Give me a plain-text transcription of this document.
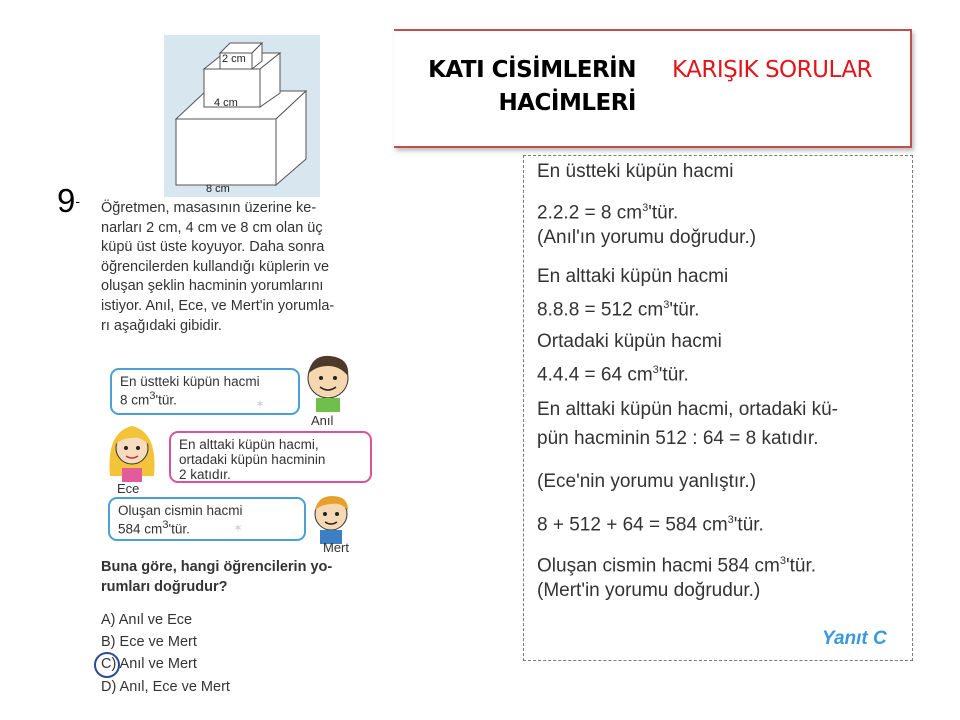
KATI CİSİMLERİN
HACİMLERİ
KARIŞIK SORULAR
2 cm
4 cm
8 cm
9- Öğretmen, masasının üzerine ke-
narları 2 cm, 4 cm ve 8 cm olan üç
küpü üst üste koyuyor. Daha sonra
öğrencilerden kullandığı küplerin ve
oluşan şeklin hacminin yorumlarını
istiyor. Anıl, Ece, ve Mert'in yorumla-
rı aşağıdaki gibidir.
En üstteki küpün hacmi
8 $cm^3'tür$.	✶
Anıl
En alttaki küpün hacmi,
ortadaki küpün hacminin
2 katıdır.
Ece
Oluşan cismin hacmi
584 $cm^3'tür$.	✶
Mert
Buna göre, hangi öğrencilerin yo-
rumları doğrudur?
A) Anıl ve Ece
B) Ece ve Mert
C) Anıl ve Mert
D) Anıl, Ece ve Mert
En üstteki küpün hacmi
2.2.2 = 8 $cm^3'tür$.
(Anıl'ın yorumu doğrudur.)
En alttaki küpün hacmi
8.8.8 = 512 $cm^3'tür$.
Ortadaki küpün hacmi
4.4.4 = 64 $cm^3'tür$.
En alttaki küpün hacmi, ortadaki kü-
pün hacminin 512 : 64 = 8 katıdır.
(Ece'nin yorumu yanlıştır.)
8 + 512 + 64 = 584 $cm^3'tür$.
Oluşan cismin hacmi 584 $cm^3'tür$.
(Mert'in yorumu doğrudur.)
Yanıt C
